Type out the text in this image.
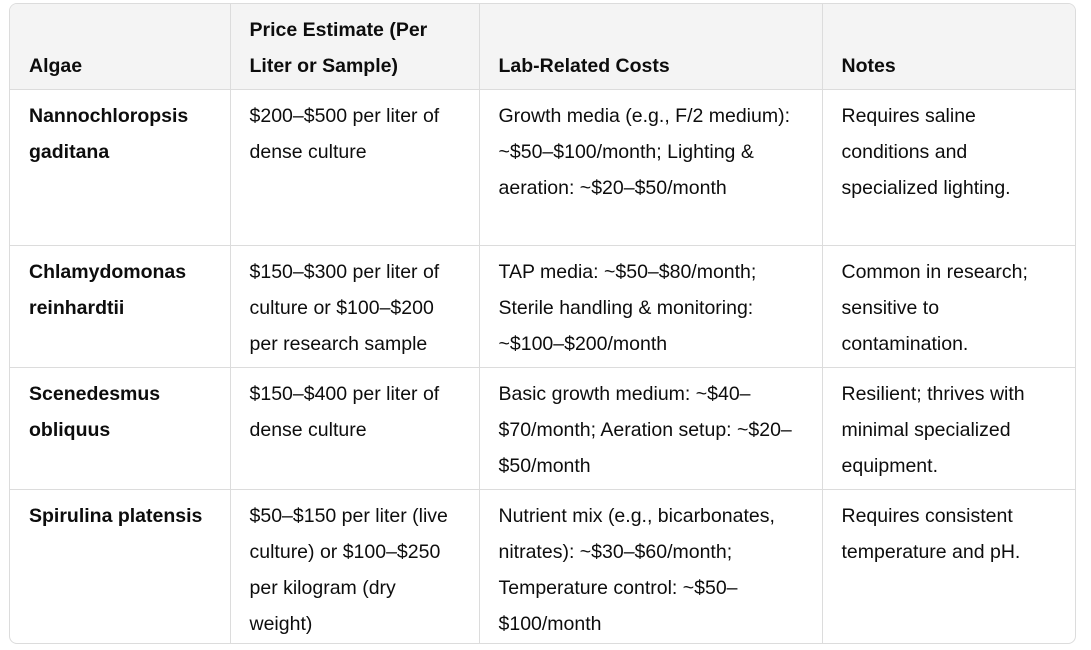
Algae	Price Estimate (Per Liter or Sample)	Lab-Related Costs	Notes
Nannochloropsis gaditana	$200–$500 per liter of dense culture	Growth media (e.g., F/2 medium): ~$50–$100/month; Lighting & aeration: ~$20–$50/month	Requires saline conditions and specialized lighting.
Chlamydomonas reinhardtii	$150–$300 per liter of culture or $100–$200 per research sample	TAP media: ~$50–$80/month; Sterile handling & monitoring: ~$100–$200/month	Common in research; sensitive to contamination.
Scenedesmus obliquus	$150–$400 per liter of dense culture	Basic growth medium: ~$40–$70/month; Aeration setup: ~$20–$50/month	Resilient; thrives with minimal specialized equipment.
Spirulina platensis	$50–$150 per liter (live culture) or $100–$250 per kilogram (dry weight)	Nutrient mix (e.g., bicarbonates, nitrates): ~$30–$60/month; Temperature control: ~$50–$100/month	Requires consistent temperature and pH.
